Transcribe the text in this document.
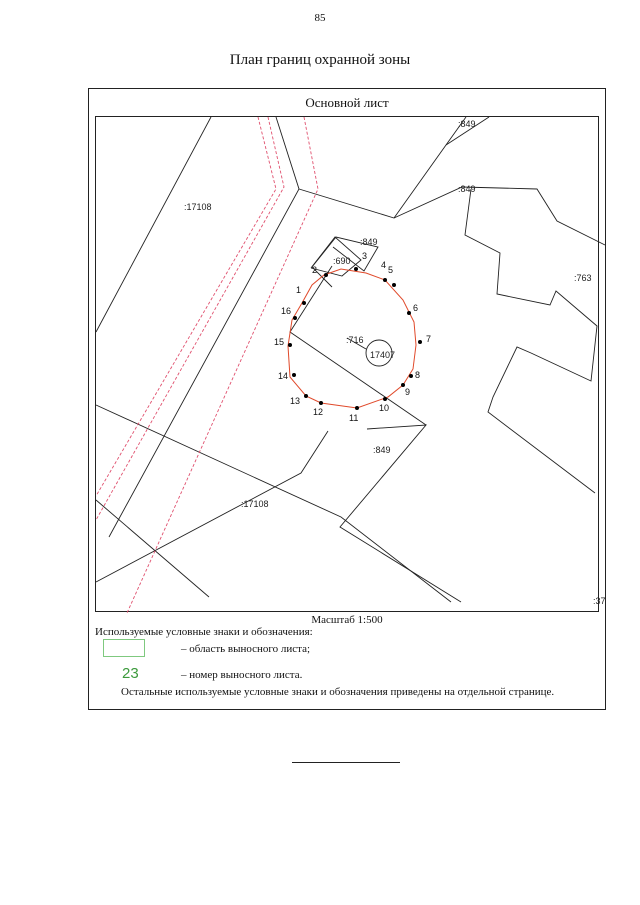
85
План границ охранной зоны
Основной лист
:17108
:849
:849
:849
:690
:716
17407
:763
:849
:17108
:37
1
2
3
4 5
6
7
8
9
10
11
12
13
14
15
16
Масштаб 1:500
Используемые условные знаки и обозначения:
– область выносного листа;
23	– номер выносного листа.
Остальные используемые условные знаки и обозначения приведены на отдельной странице.
